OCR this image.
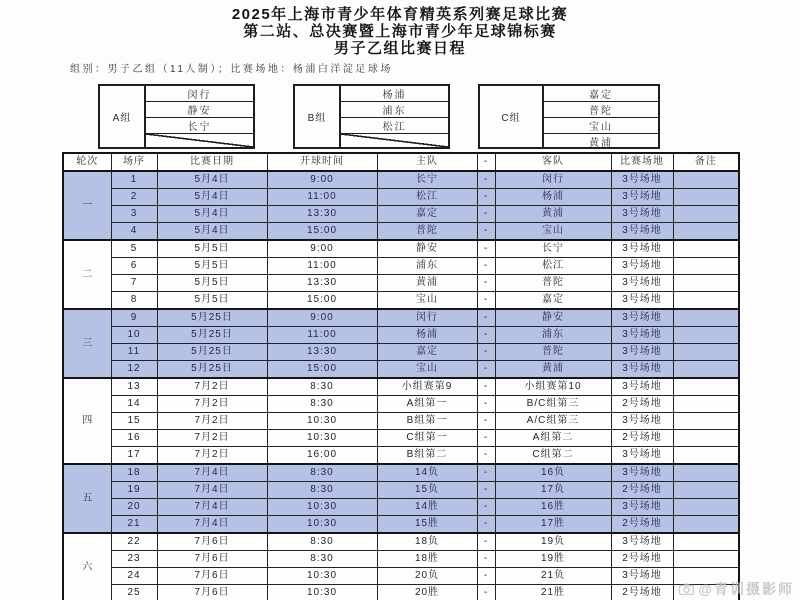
2025年上海市青少年体育精英系列赛足球比赛
第二站、总决赛暨上海市青少年足球锦标赛
男子乙组比赛日程
组别：男子乙组（11人制）；比赛场地：杨浦白洋淀足球场
A组
闵行
静安
长宁
B组
杨浦
浦东
松江
C组
嘉定
普陀
宝山
黄浦
轮次	场序	比赛日期	开球时间	主队	-	客队	比赛场地	备注
一	1	5月4日	9:00	长宁	-	闵行	3号场地	
	2	5月4日	11:00	松江	-	杨浦	3号场地	
	3	5月4日	13:30	嘉定	-	黄浦	3号场地	
	4	5月4日	15:00	普陀	-	宝山	3号场地	
二	5	5月5日	9:00	静安	-	长宁	3号场地	
	6	5月5日	11:00	浦东	-	松江	3号场地	
	7	5月5日	13:30	黄浦	-	普陀	3号场地	
	8	5月5日	15:00	宝山	-	嘉定	3号场地	
三	9	5月25日	9:00	闵行	-	静安	3号场地	
	10	5月25日	11:00	杨浦	-	浦东	3号场地	
	11	5月25日	13:30	嘉定	-	普陀	3号场地	
	12	5月25日	15:00	宝山	-	黄浦	3号场地	
四	13	7月2日	8:30	小组赛第9	-	小组赛第10	3号场地	
	14	7月2日	8:30	A组第一	-	B/C组第三	2号场地	
	15	7月2日	10:30	B组第一	-	A/C组第三	3号场地	
	16	7月2日	10:30	C组第一	-	A组第二	2号场地	
	17	7月2日	16:00	B组第二	-	C组第二	3号场地	
五	18	7月4日	8:30	14负	-	16负	3号场地	
	19	7月4日	8:30	15负	-	17负	2号场地	
	20	7月4日	10:30	14胜	-	16胜	3号场地	
	21	7月4日	10:30	15胜	-	17胜	2号场地	
六	22	7月6日	8:30	18负	-	19负	3号场地	
	23	7月6日	8:30	18胜	-	19胜	2号场地	
	24	7月6日	10:30	20负	-	21负	3号场地	
	25	7月6日	10:30	20胜	-	21胜	2号场地		@青训摄影师
